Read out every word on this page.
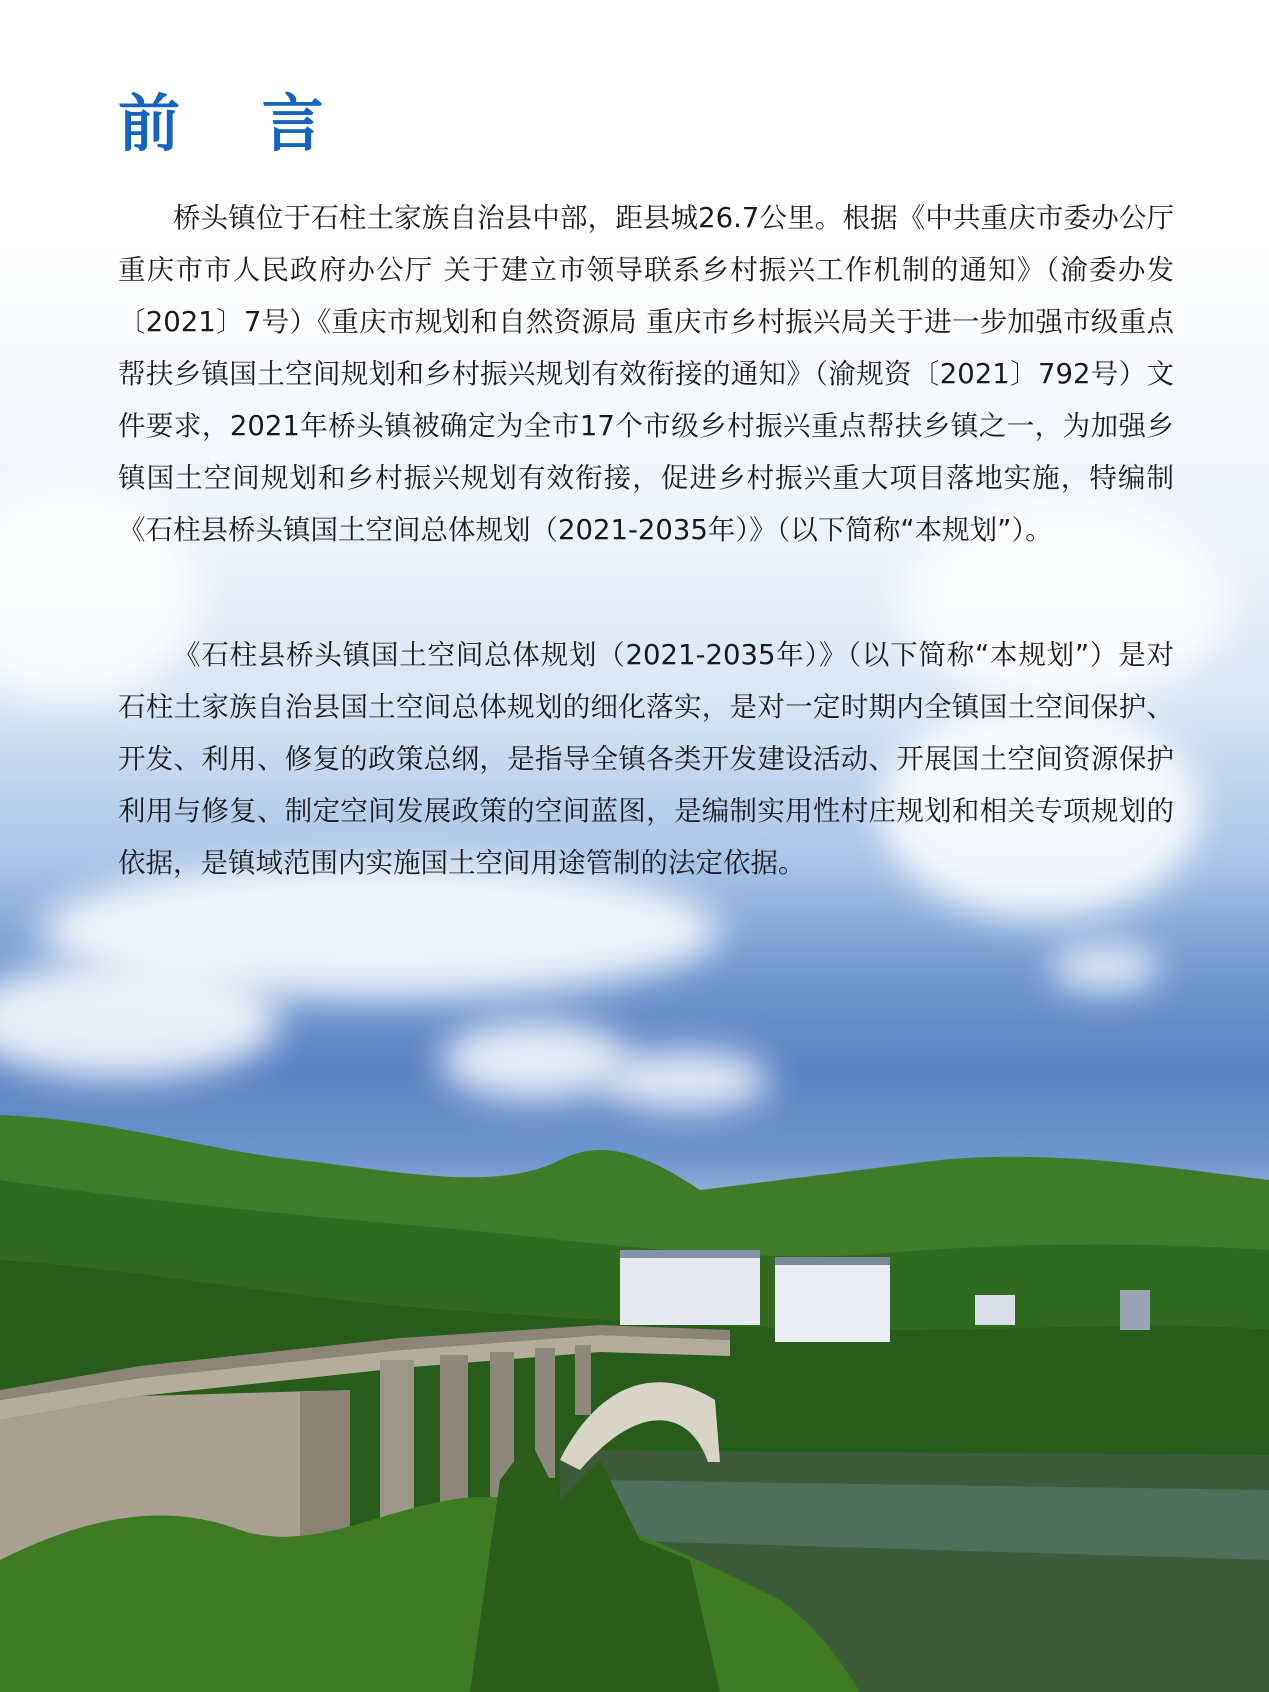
前 言

桥头镇位于石柱土家族自治县中部，距县城26.7公里。根据《中共重庆市委办公厅 重庆市市人民政府办公厅 关于建立市领导联系乡村振兴工作机制的通知》（渝委办发〔2021〕7号）《重庆市规划和自然资源局 重庆市乡村振兴局关于进一步加强市级重点帮扶乡镇国土空间规划和乡村振兴规划有效衔接的通知》（渝规资〔2021〕792号）文件要求，2021年桥头镇被确定为全市17个市级乡村振兴重点帮扶乡镇之一，为加强乡镇国土空间规划和乡村振兴规划有效衔接，促进乡村振兴重大项目落地实施，特编制《石柱县桥头镇国土空间总体规划（2021-2035年）》（以下简称“本规划”）。

《石柱县桥头镇国土空间总体规划（2021-2035年）》（以下简称“本规划”）是对石柱土家族自治县国土空间总体规划的细化落实，是对一定时期内全镇国土空间保护、开发、利用、修复的政策总纲，是指导全镇各类开发建设活动、开展国土空间资源保护利用与修复、制定空间发展政策的空间蓝图，是编制实用性村庄规划和相关专项规划的依据，是镇域范围内实施国土空间用途管制的法定依据。
